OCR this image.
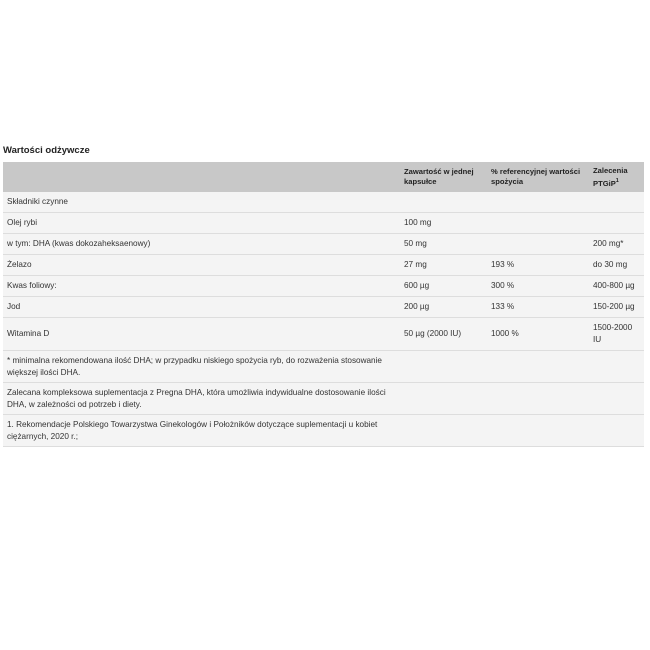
Wartości odżywcze
	Zawartość w jednej kapsułce	% referencyjnej wartości spożycia	Zalecenia PTGiP$^1$
Składniki czynne			
Olej rybi	100 mg		
w tym: DHA (kwas dokozaheksaenowy)	50 mg		200 mg*
Żelazo	27 mg	193 %	do 30 mg
Kwas foliowy:	600 µg	300 %	400-800 µg
Jod	200 µg	133 %	150-200 µg
Witamina D	50 µg (2000 IU)	1000 %	1500-2000 IU
* minimalna rekomendowana ilość DHA; w przypadku niskiego spożycia ryb, do rozważenia stosowanie większej ilości DHA.			
Zalecana kompleksowa suplementacja z Pregna DHA, która umożliwia indywidualne dostosowanie ilości DHA, w zależności od potrzeb i diety.			
1. Rekomendacje Polskiego Towarzystwa Ginekologów i Położników dotyczące suplementacji u kobiet ciężarnych, 2020 r.;			
